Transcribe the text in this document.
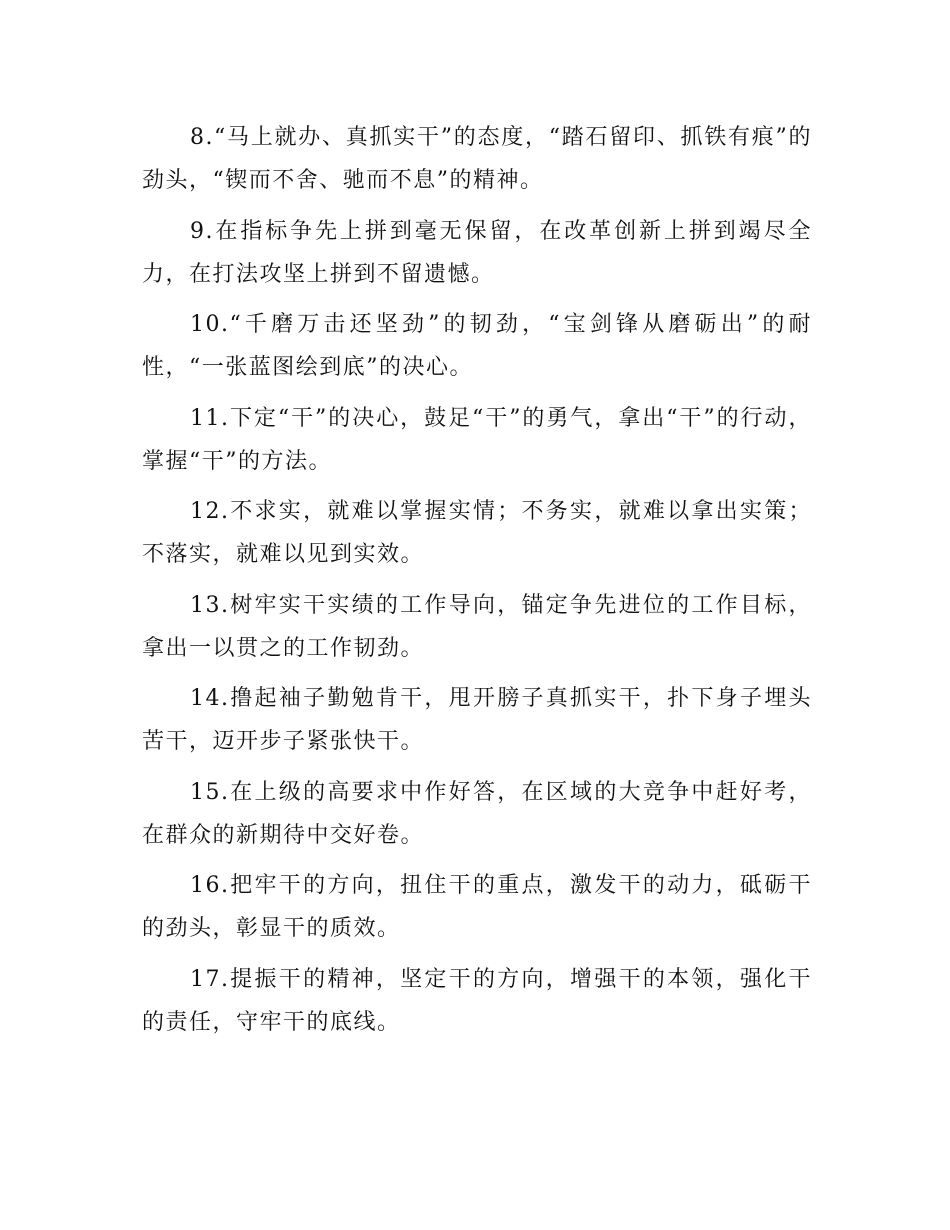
8.“马上就办、真抓实干”的态度，“踏石留印、抓铁有痕”的劲头，“锲而不舍、驰而不息”的精神。

9.在指标争先上拼到毫无保留，在改革创新上拼到竭尽全力，在打法攻坚上拼到不留遗憾。

10.“千磨万击还坚劲”的韧劲，“宝剑锋从磨砺出”的耐性，“一张蓝图绘到底”的决心。

11.下定“干”的决心，鼓足“干”的勇气，拿出“干”的行动，掌握“干”的方法。

12.不求实，就难以掌握实情；不务实，就难以拿出实策；不落实，就难以见到实效。

13.树牢实干实绩的工作导向，锚定争先进位的工作目标，拿出一以贯之的工作韧劲。

14.撸起袖子勤勉肯干，甩开膀子真抓实干，扑下身子埋头苦干，迈开步子紧张快干。

15.在上级的高要求中作好答，在区域的大竞争中赶好考，在群众的新期待中交好卷。

16.把牢干的方向，扭住干的重点，激发干的动力，砥砺干的劲头，彰显干的质效。

17.提振干的精神，坚定干的方向，增强干的本领，强化干的责任，守牢干的底线。
